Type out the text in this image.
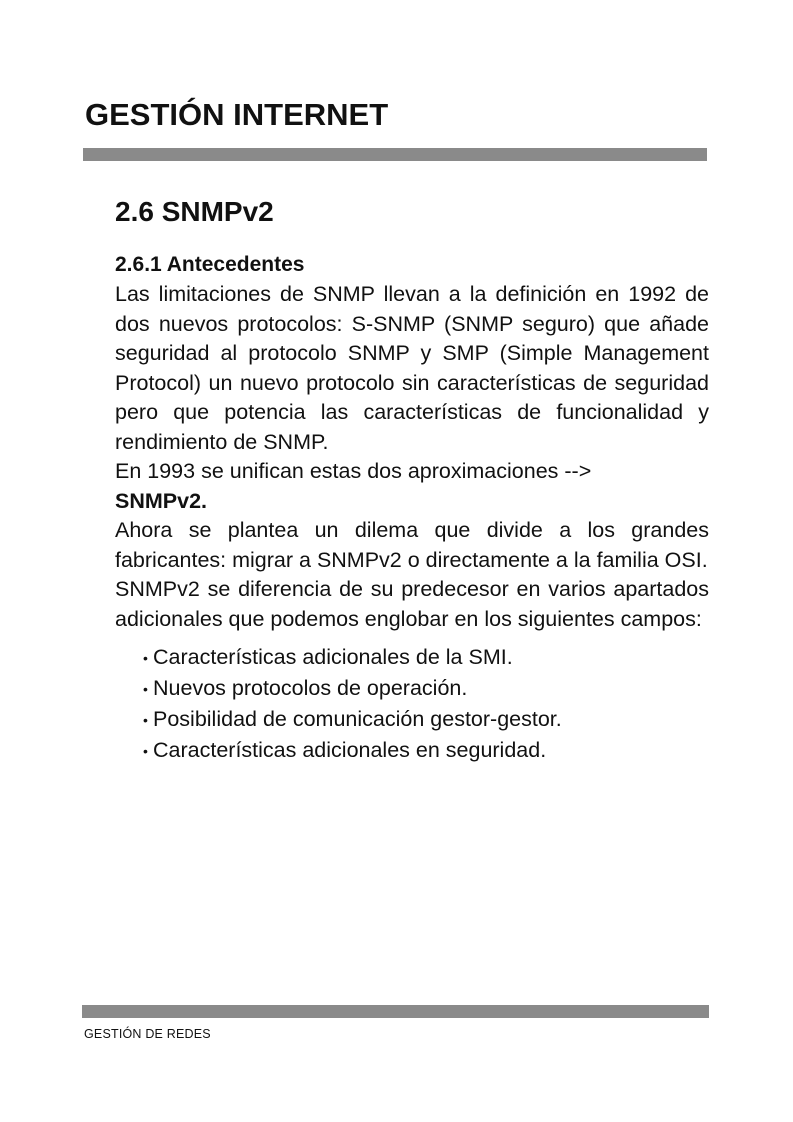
GESTIÓN INTERNET
2.6 SNMPv2
2.6.1 Antecedentes

Las limitaciones de SNMP llevan a la definición en 1992 de dos nuevos protocolos: S-SNMP (SNMP seguro) que añade seguridad al protocolo SNMP y SMP (Simple Management Protocol) un nuevo protocolo sin características de seguridad pero que potencia las características de funcionalidad y rendimiento de SNMP.

En 1993 se unifican estas dos aproximaciones -->
SNMPv2.

Ahora se plantea un dilema que divide a los grandes fabricantes: migrar a SNMPv2 o directamente a la familia OSI.

SNMPv2 se diferencia de su predecesor en varios apartados adicionales que podemos englobar en los siguientes campos:

• Características adicionales de la SMI.
• Nuevos protocolos de operación.
• Posibilidad de comunicación gestor-gestor.
• Características adicionales en seguridad.

GESTIÓN DE REDES
